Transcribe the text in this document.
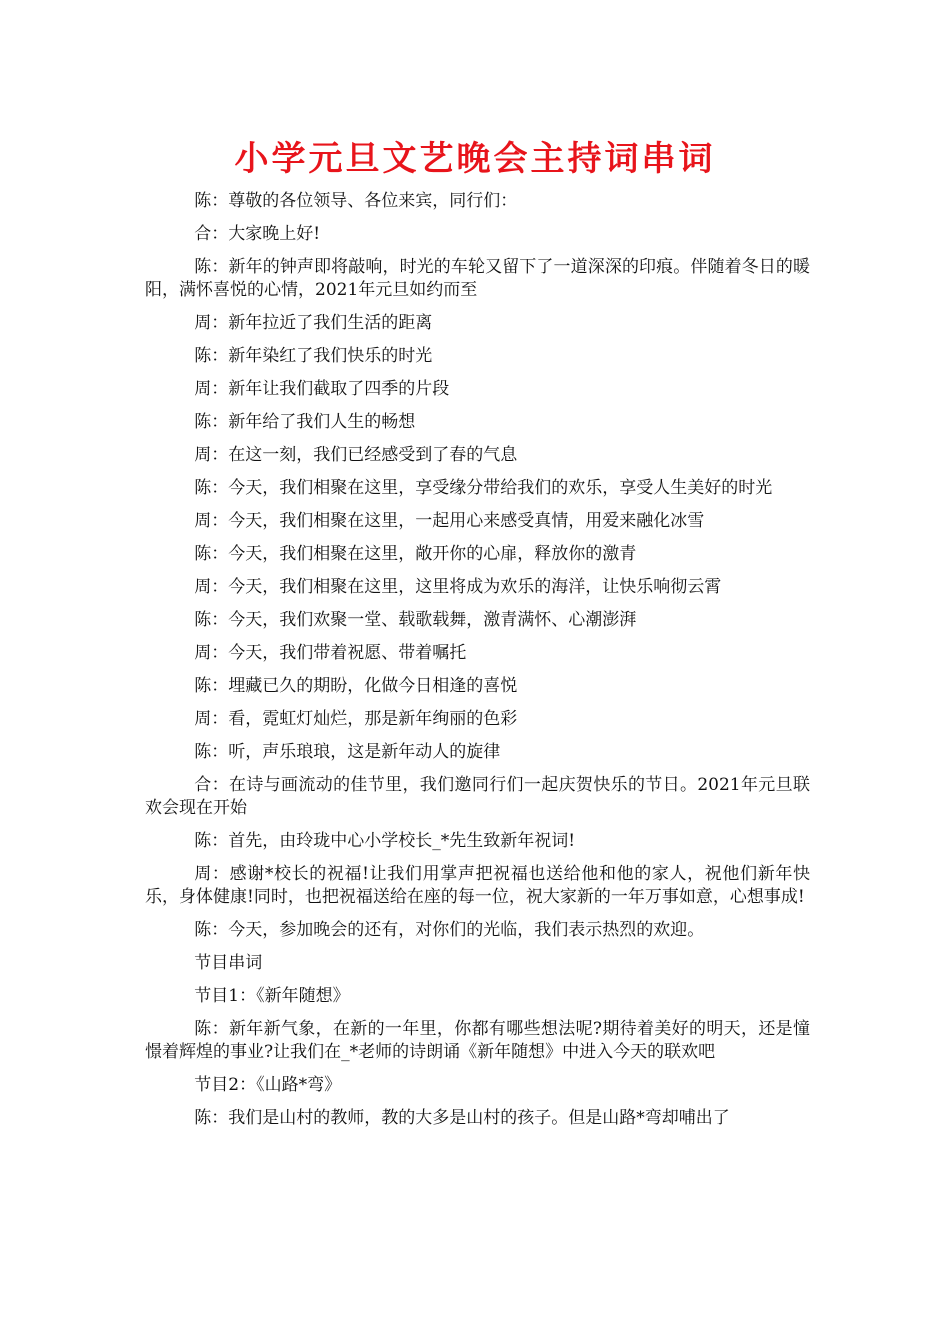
小学元旦文艺晚会主持词串词

陈：尊敬的各位领导、各位来宾，同行们：

合：大家晚上好!

陈：新年的钟声即将敲响，时光的车轮又留下了一道深深的印痕。伴随着冬日的暖阳，满怀喜悦的心情，2021年元旦如约而至

周：新年拉近了我们生活的距离

陈：新年染红了我们快乐的时光

周：新年让我们截取了四季的片段

陈：新年给了我们人生的畅想

周：在这一刻，我们已经感受到了春的气息

陈：今天，我们相聚在这里，享受缘分带给我们的欢乐，享受人生美好的时光

周：今天，我们相聚在这里，一起用心来感受真情，用爱来融化冰雪

陈：今天，我们相聚在这里，敞开你的心扉，释放你的激青

周：今天，我们相聚在这里，这里将成为欢乐的海洋，让快乐响彻云霄

陈：今天，我们欢聚一堂、载歌载舞，激青满怀、心潮澎湃

周：今天，我们带着祝愿、带着嘱托

陈：埋藏已久的期盼，化做今日相逢的喜悦

周：看，霓虹灯灿烂，那是新年绚丽的色彩

陈：听，声乐琅琅，这是新年动人的旋律

合：在诗与画流动的佳节里，我们邀同行们一起庆贺快乐的节日。2021年元旦联欢会现在开始

陈：首先，由玲珑中心小学校长_*先生致新年祝词!

周：感谢*校长的祝福!让我们用掌声把祝福也送给他和他的家人，祝他们新年快乐，身体健康!同时，也把祝福送给在座的每一位，祝大家新的一年万事如意，心想事成!

陈：今天，参加晚会的还有，对你们的光临，我们表示热烈的欢迎。

节目串词

节目1：《新年随想》

陈：新年新气象，在新的一年里，你都有哪些想法呢?期待着美好的明天，还是憧憬着辉煌的事业?让我们在_*老师的诗朗诵《新年随想》中进入今天的联欢吧

节目2：《山路*弯》

陈：我们是山村的教师，教的大多是山村的孩子。但是山路*弯却哺出了
